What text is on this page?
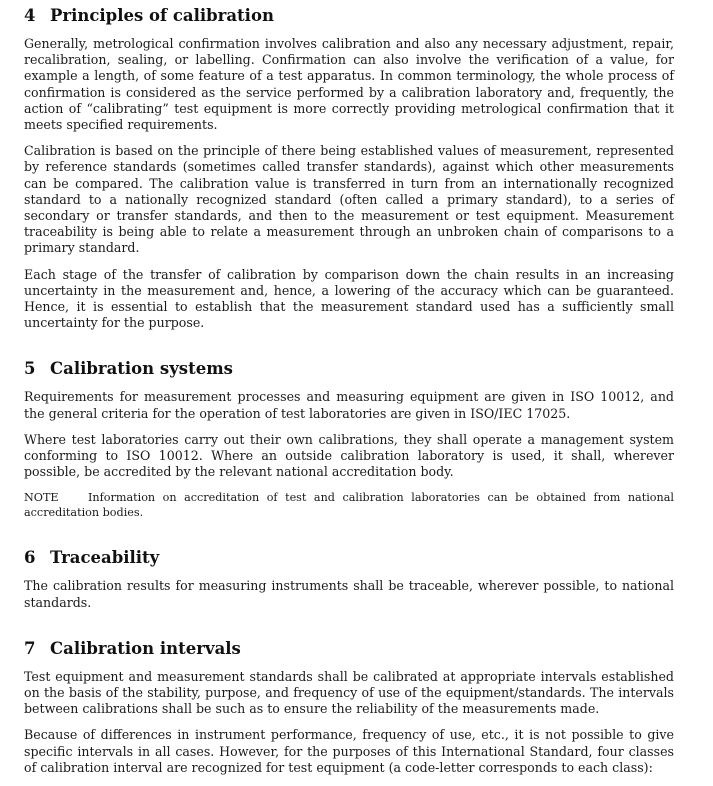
4 Principles of calibration

Generally, metrological confirmation involves calibration and also any necessary adjustment, repair, recalibration, sealing, or labelling. Confirmation can also involve the verification of a value, for example a length, of some feature of a test apparatus. In common terminology, the whole process of confirmation is considered as the service performed by a calibration laboratory and, frequently, the action of “calibrating” test equipment is more correctly providing metrological confirmation that it meets specified requirements.

Calibration is based on the principle of there being established values of measurement, represented by reference standards (sometimes called transfer standards), against which other measurements can be compared. The calibration value is transferred in turn from an internationally recognized standard to a nationally recognized standard (often called a primary standard), to a series of secondary or transfer standards, and then to the measurement or test equipment. Measurement traceability is being able to relate a measurement through an unbroken chain of comparisons to a primary standard.

Each stage of the transfer of calibration by comparison down the chain results in an increasing uncertainty in the measurement and, hence, a lowering of the accuracy which can be guaranteed. Hence, it is essential to establish that the measurement standard used has a sufficiently small uncertainty for the purpose.

5 Calibration systems

Requirements for measurement processes and measuring equipment are given in ISO 10012, and the general criteria for the operation of test laboratories are given in ISO/IEC 17025.

Where test laboratories carry out their own calibrations, they shall operate a management system conforming to ISO 10012. Where an outside calibration laboratory is used, it shall, wherever possible, be accredited by the relevant national accreditation body.

NOTE	Information on accreditation of test and calibration laboratories can be obtained from national accreditation bodies.

6 Traceability

The calibration results for measuring instruments shall be traceable, wherever possible, to national standards.

7 Calibration intervals

Test equipment and measurement standards shall be calibrated at appropriate intervals established on the basis of the stability, purpose, and frequency of use of the equipment/standards. The intervals between calibrations shall be such as to ensure the reliability of the measurements made.

Because of differences in instrument performance, frequency of use, etc., it is not possible to give specific intervals in all cases. However, for the purposes of this International Standard, four classes of calibration interval are recognized for test equipment (a code-letter corresponds to each class):
